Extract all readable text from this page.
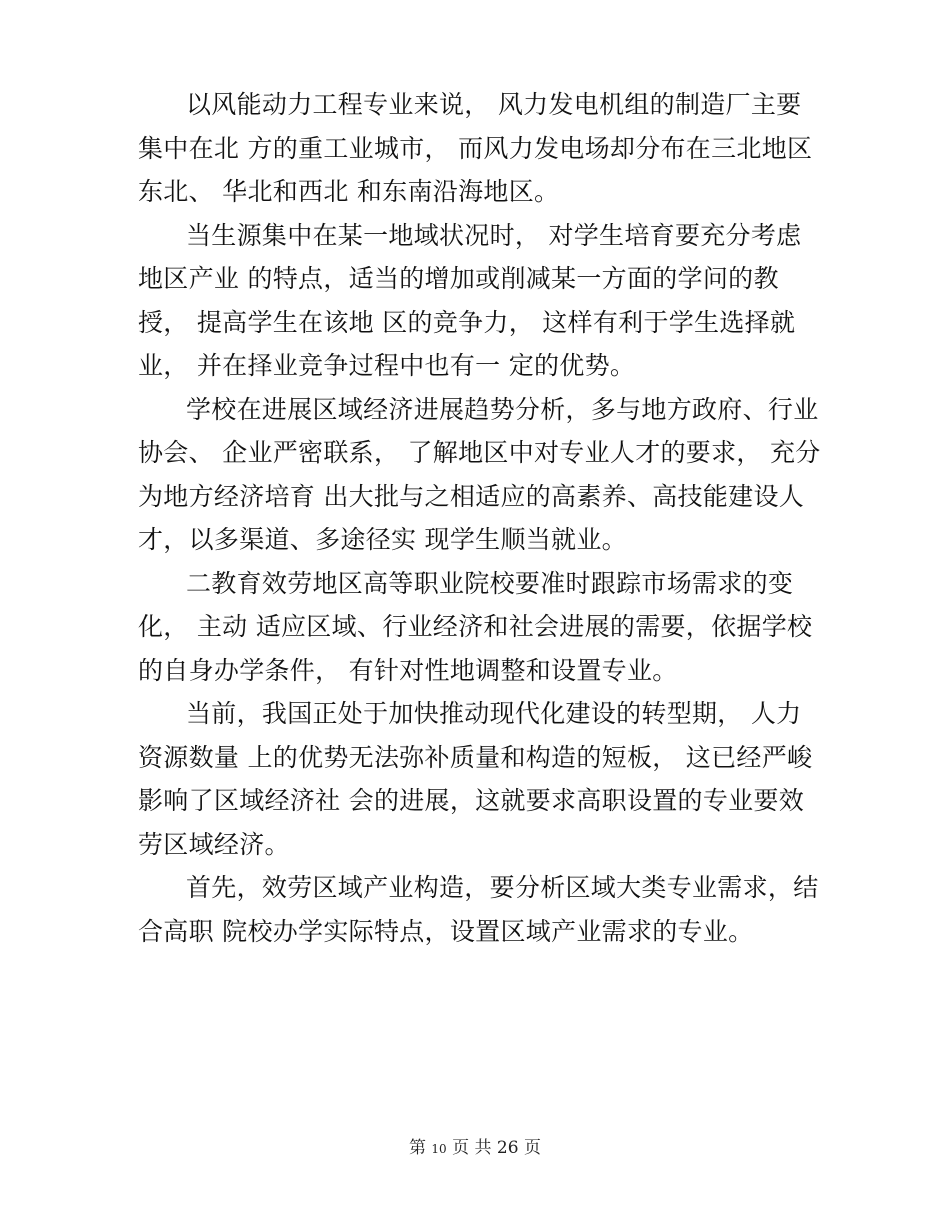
以风能动力工程专业来说， 风力发电机组的制造厂主要
集中在北 方的重工业城市， 而风力发电场却分布在三北地区
东北、 华北和西北 和东南沿海地区。
当生源集中在某一地域状况时， 对学生培育要充分考虑
地区产业 的特点，适当的增加或削减某一方面的学问的教
授， 提高学生在该地 区的竞争力， 这样有利于学生选择就
业， 并在择业竞争过程中也有一 定的优势。
学校在进展区域经济进展趋势分析，多与地方政府、行业
协会、 企业严密联系， 了解地区中对专业人才的要求， 充分
为地方经济培育 出大批与之相适应的高素养、高技能建设人
才，以多渠道、多途径实 现学生顺当就业。
二教育效劳地区高等职业院校要准时跟踪市场需求的变
化， 主动 适应区域、行业经济和社会进展的需要，依据学校
的自身办学条件， 有针对性地调整和设置专业。
当前，我国正处于加快推动现代化建设的转型期， 人力
资源数量 上的优势无法弥补质量和构造的短板， 这已经严峻
影响了区域经济社 会的进展，这就要求高职设置的专业要效
劳区域经济。
首先，效劳区域产业构造，要分析区域大类专业需求，结
合高职 院校办学实际特点，设置区域产业需求的专业。
第 10 页 共 26 页
